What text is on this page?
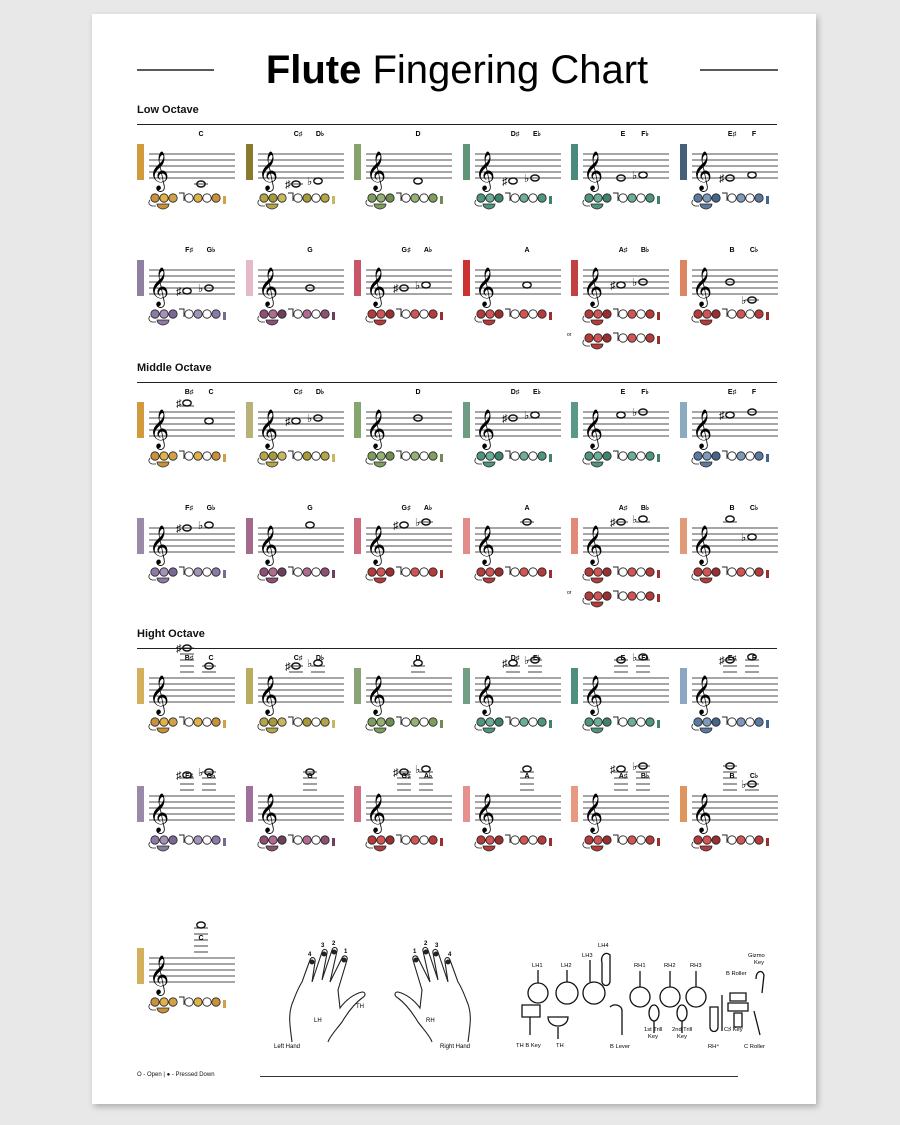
Flute Fingering Chart
Low Octave
Middle Octave
Hight Octave
𝄞
C
𝄞
C♯ D♭
♯ ♭ 𝄞
D
𝄞
D♯ E♭
♯ ♭ 𝄞
E F♭
♭ 𝄞
E♯ F
♯
𝄞
F♯ G♭
♯ ♭ 𝄞
G
𝄞
G♯ A♭
♯ ♭ 𝄞
A
𝄞
A♯ B♭
♯ ♭
or
𝄞
B C♭
♭
𝄞
B♯ C
♯
𝄞
C♯ D♭
♯ ♭ 𝄞
D
𝄞
D♯ E♭
♯ ♭ 𝄞
E F♭
♭ 𝄞
E♯ F
♯
𝄞
F♯ G♭
♯ ♭ 𝄞
G
𝄞
G♯ A♭
♯ ♭
𝄞
A
𝄞
A♯ B♭
♯ ♭
or
𝄞
B C♭
♭
𝄞
B♯ C
♯
𝄞
C♯ D♭
♯ ♭
𝄞
D
𝄞
D♯ E♭
♯ ♭
𝄞
E F♭
♭
𝄞
E♯ F
♯
𝄞
F♯ G♭
♯ ♭
𝄞
G
𝄞
G♯ A♭
♯ ♭
𝄞
A
𝄞
A♯ B♭
♯ ♭
𝄞
B C♭
♭
𝄞
C
4
3 2
1	1
2 3
4
LH
TH
RH
Left Hand	Right Hand
LH1	LH2
LH3
LH4
RH1	RH2 RH3
Gizmo
Key
B Roller
TH B Key	TH	B Lever
1st Trill
Key
2nd Trill
Key
C♯ Key
RH⁴	C Roller
O - Open | ● - Pressed Down
